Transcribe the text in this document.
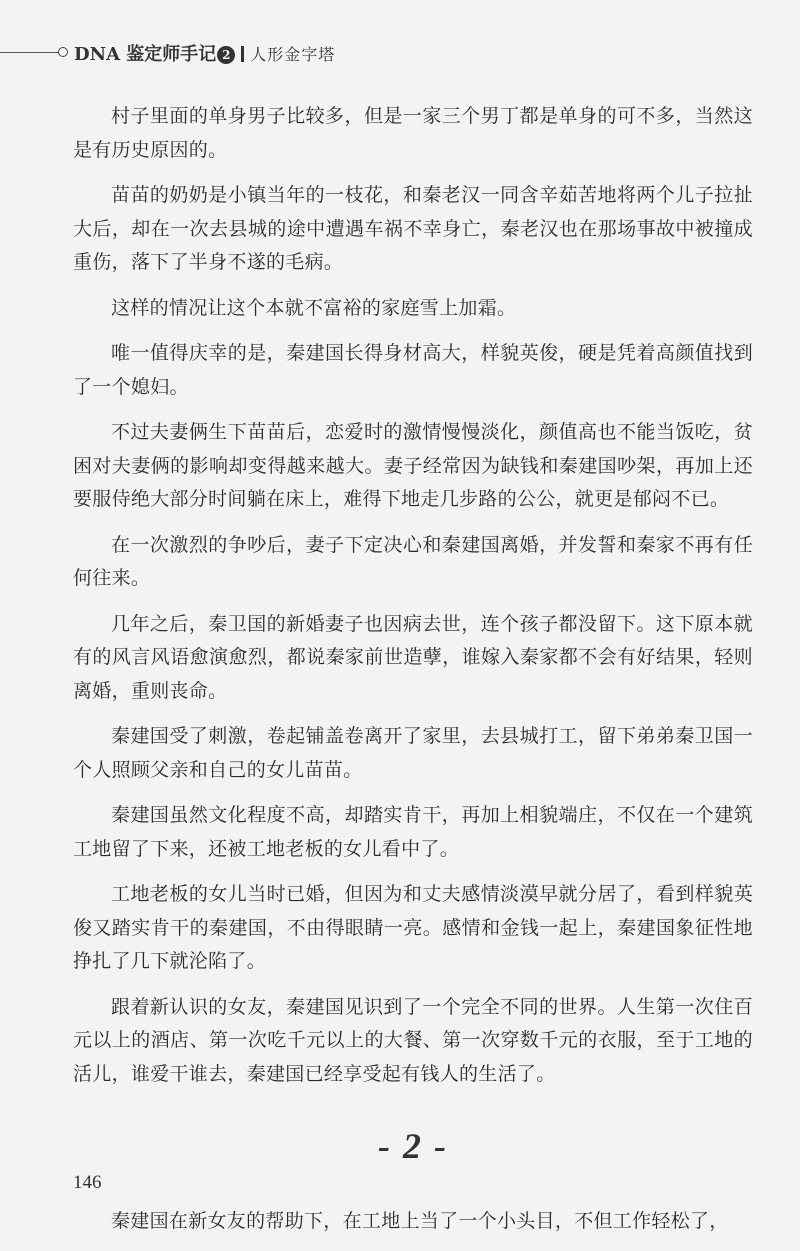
DNA 鉴定师手记 2 人形金字塔

村子里面的单身男子比较多，但是一家三个男丁都是单身的可不多，当然这是有历史原因的。

苗苗的奶奶是小镇当年的一枝花，和秦老汉一同含辛茹苦地将两个儿子拉扯大后，却在一次去县城的途中遭遇车祸不幸身亡，秦老汉也在那场事故中被撞成重伤，落下了半身不遂的毛病。

这样的情况让这个本就不富裕的家庭雪上加霜。

唯一值得庆幸的是，秦建国长得身材高大，样貌英俊，硬是凭着高颜值找到了一个媳妇。

不过夫妻俩生下苗苗后，恋爱时的激情慢慢淡化，颜值高也不能当饭吃，贫困对夫妻俩的影响却变得越来越大。妻子经常因为缺钱和秦建国吵架，再加上还要服侍绝大部分时间躺在床上，难得下地走几步路的公公，就更是郁闷不已。

在一次激烈的争吵后，妻子下定决心和秦建国离婚，并发誓和秦家不再有任何往来。

几年之后，秦卫国的新婚妻子也因病去世，连个孩子都没留下。这下原本就有的风言风语愈演愈烈，都说秦家前世造孽，谁嫁入秦家都不会有好结果，轻则离婚，重则丧命。

秦建国受了刺激，卷起铺盖卷离开了家里，去县城打工，留下弟弟秦卫国一个人照顾父亲和自己的女儿苗苗。

秦建国虽然文化程度不高，却踏实肯干，再加上相貌端庄，不仅在一个建筑工地留了下来，还被工地老板的女儿看中了。

工地老板的女儿当时已婚，但因为和丈夫感情淡漠早就分居了，看到样貌英俊又踏实肯干的秦建国，不由得眼睛一亮。感情和金钱一起上，秦建国象征性地挣扎了几下就沦陷了。

跟着新认识的女友，秦建国见识到了一个完全不同的世界。人生第一次住百元以上的酒店、第一次吃千元以上的大餐、第一次穿数千元的衣服，至于工地的活儿，谁爱干谁去，秦建国已经享受起有钱人的生活了。

- 2 -

秦建国在新女友的帮助下，在工地上当了一个小头目，不但工作轻松了，

146
